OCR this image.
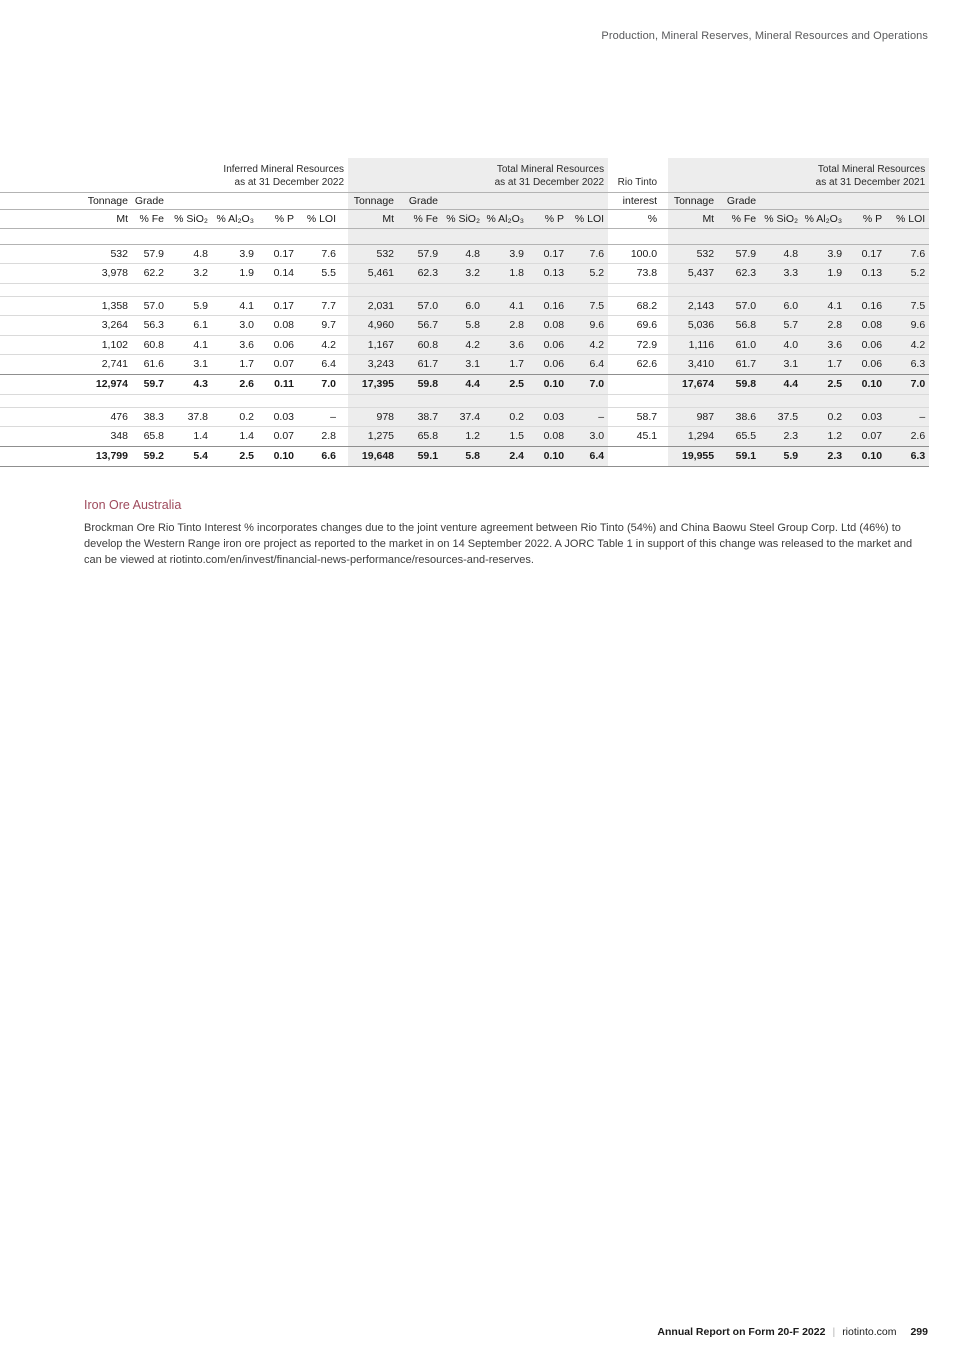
Production, Mineral Reserves, Mineral Resources and Operations
Inferred Mineral Resources
as at 31 December 2022

Total Mineral Resources
as at 31 December 2022	Rio Tinto	
Total Mineral Resources
as at 31 December 2021

Tonnage	Grade						Tonnage	Grade					interest	Tonnage	Grade				
Mt	% Fe	% SiO₂	% Al₂O₃	% P	% LOI		Mt	% Fe	% SiO₂	% Al₂O₃	% P	% LOI	%	Mt	% Fe	% SiO₂	% Al₂O₃	% P	% LOI

532	57.9	4.8	3.9	0.17	7.6		532	57.9	4.8	3.9	0.17	7.6	100.0	532	57.9	4.8	3.9	0.17	7.6
3,978	62.2	3.2	1.9	0.14	5.5		5,461	62.3	3.2	1.8	0.13	5.2	73.8	5,437	62.3	3.3	1.9	0.13	5.2

1,358	57.0	5.9	4.1	0.17	7.7		2,031	57.0	6.0	4.1	0.16	7.5	68.2	2,143	57.0	6.0	4.1	0.16	7.5
3,264	56.3	6.1	3.0	0.08	9.7		4,960	56.7	5.8	2.8	0.08	9.6	69.6	5,036	56.8	5.7	2.8	0.08	9.6
1,102	60.8	4.1	3.6	0.06	4.2		1,167	60.8	4.2	3.6	0.06	4.2	72.9	1,116	61.0	4.0	3.6	0.06	4.2
2,741	61.6	3.1	1.7	0.07	6.4		3,243	61.7	3.1	1.7	0.06	6.4	62.6	3,410	61.7	3.1	1.7	0.06	6.3
12,974	59.7	4.3	2.6	0.11	7.0		17,395	59.8	4.4	2.5	0.10	7.0		17,674	59.8	4.4	2.5	0.10	7.0

476	38.3	37.8	0.2	0.03	–		978	38.7	37.4	0.2	0.03	–	58.7	987	38.6	37.5	0.2	0.03	–
348	65.8	1.4	1.4	0.07	2.8		1,275	65.8	1.2	1.5	0.08	3.0	45.1	1,294	65.5	2.3	1.2	0.07	2.6
13,799	59.2	5.4	2.5	0.10	6.6		19,648	59.1	5.8	2.4	0.10	6.4		19,955	59.1	5.9	2.3	0.10	6.3
Iron Ore Australia

Brockman Ore Rio Tinto Interest % incorporates changes due to the joint venture agreement between Rio Tinto (54%) and China Baowu Steel Group Corp. Ltd (46%) to develop the Western Range iron ore project as reported to the market in on 14 September 2022. A JORC Table 1 in support of this change was released to the market and can be viewed at riotinto.com/en/invest/financial-news-performance/resources-and-reserves.

Annual Report on Form 20-F 2022 | riotinto.com 299
